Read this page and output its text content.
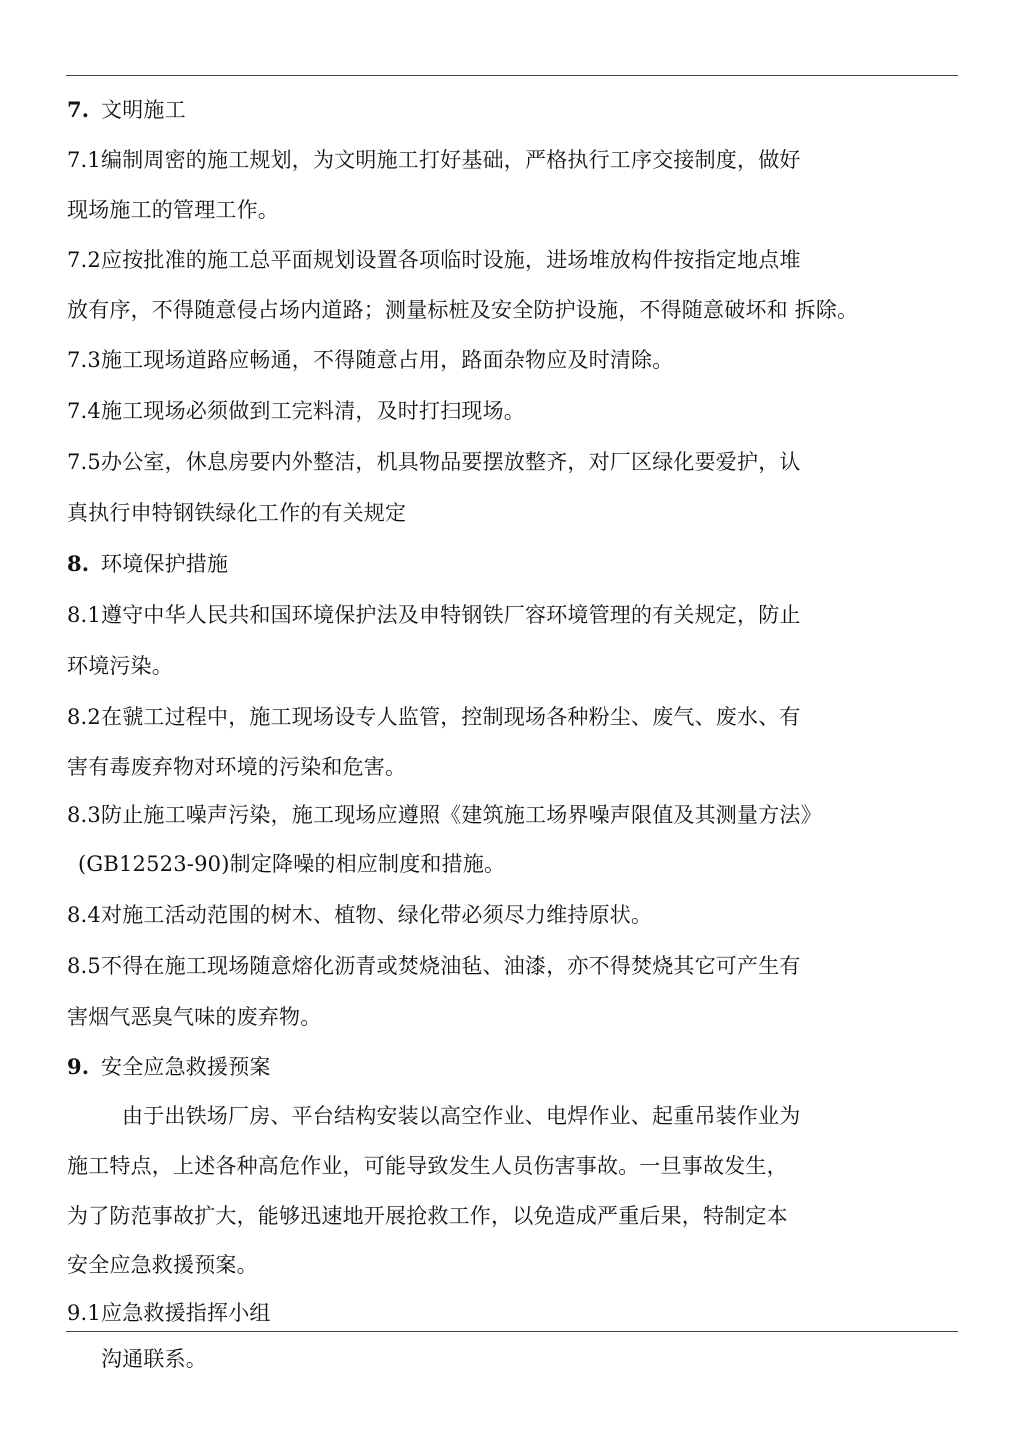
7. 文明施工
7.1编制周密的施工规划，为文明施工打好基础，严格执行工序交接制度，做好
现场施工的管理工作。
7.2应按批准的施工总平面规划设置各项临时设施，进场堆放构件按指定地点堆
放有序，不得随意侵占场内道路；测量标桩及安全防护设施，不得随意破坏和 拆除。
7.3施工现场道路应畅通，不得随意占用，路面杂物应及时清除。
7.4施工现场必须做到工完料清，及时打扫现场。
7.5办公室，休息房要内外整洁，机具物品要摆放整齐，对厂区绿化要爱护，认
真执行申特钢铁绿化工作的有关规定
8. 环境保护措施
8.1遵守中华人民共和国环境保护法及申特钢铁厂容环境管理的有关规定，防止
环境污染。
8.2在虢工过程中，施工现场设专人监管，控制现场各种粉尘、废气、废水、有
害有毒废弃物对环境的污染和危害。
8.3防止施工噪声污染，施工现场应遵照《建筑施工场界噪声限值及其测量方法》
(GB12523-90)制定降噪的相应制度和措施。
8.4对施工活动范围的树木、植物、绿化带必须尽力维持原状。
8.5不得在施工现场随意熔化沥青或焚烧油毡、油漆，亦不得焚烧其它可产生有
害烟气恶臭气味的废弃物。
9. 安全应急救援预案
由于出铁场厂房、平台结构安装以高空作业、电焊作业、起重吊装作业为
施工特点，上述各种高危作业，可能导致发生人员伤害事故。一旦事故发生，
为了防范事故扩大，能够迅速地开展抢救工作，以免造成严重后果，特制定本
安全应急救援预案。
9.1应急救援指挥小组
沟通联系。
